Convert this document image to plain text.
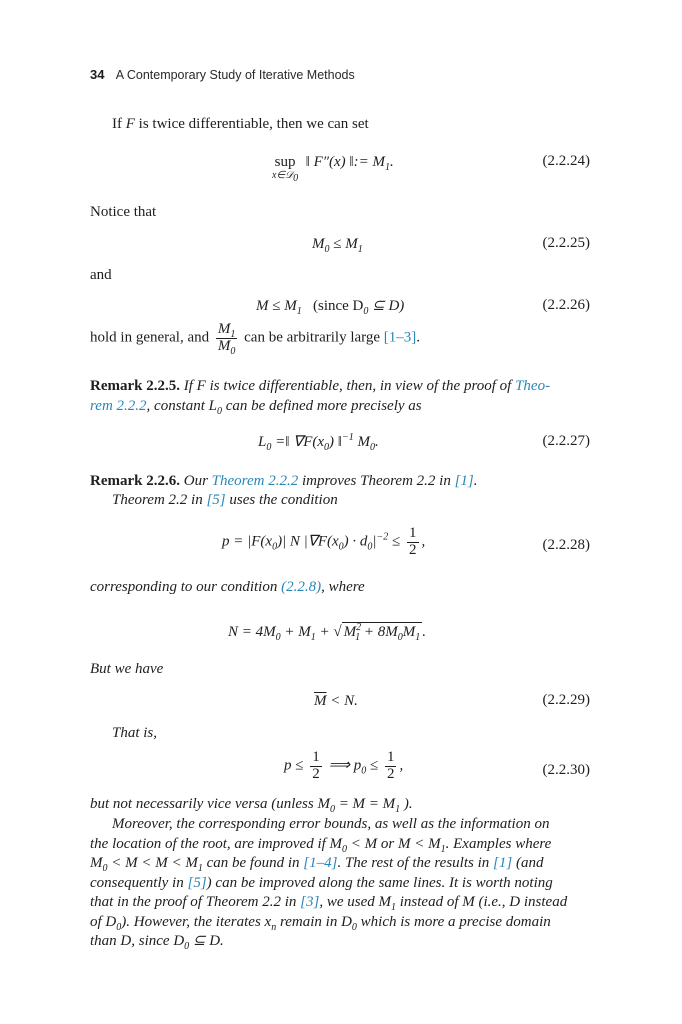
34 A Contemporary Study of Iterative Methods
If F is twice differentiable, then we can set
sup
x∈𝒟$_0$
‖ F″(x) ‖:= $M_1$.	(2.2.24)
Notice that
$M_0 \le M_1$	(2.2.25)
and
$M \le M_1$   (since $D_0$ ⊆ D)	(2.2.26)
hold in general, and $\frac{M_1}{M_0}$ can be arbitrarily large [1–3].
Remark 2.2.5. If F is twice differentiable, then, in view of the proof of Theo-
rem 2.2.2, constant $L_0$ can be defined more precisely as
$L_0$ =‖ $\nabla F(x_0)$ ‖$^{-1}$ $M_0$.	(2.2.27)
Remark 2.2.6. Our Theorem 2.2.2 improves Theorem 2.2 in [1].
Theorem 2.2 in [5] uses the condition
$p = |F(x_0)|$ N $|\nabla F(x_0) \cdot d_0|^{-2} \le \frac{1}{2}$ ,	(2.2.28)
corresponding to our condition (2.2.8), where
$N = 4M_0 + M_1$ + √ $M^2_1 + 8M_0M_1$ .
But we have
$\overline{M} < N$.	(2.2.29)
That is,
$p \le \frac{1}{2}$ ⟹ $p_0 \le \frac{1}{2}$ ,	(2.2.30)
but not necessarily vice versa (unless $M_0 = M = M_1$ ).
Moreover, the corresponding error bounds, as well as the information on
the location of the root, are improved if $M_0 < M$ or $M < M_1$. Examples where
$M_0 < M < M < M_1$ can be found in [1–4]. The rest of the results in [1] (and
consequently in [5]) can be improved along the same lines. It is worth noting
that in the proof of Theorem 2.2 in [3], we used $M_1$ instead of M (i.e., D instead
of $D_0$). However, the iterates $x_n$ remain in $D_0$ which is more a precise domain
than D, since $D_0$ ⊆ D.
